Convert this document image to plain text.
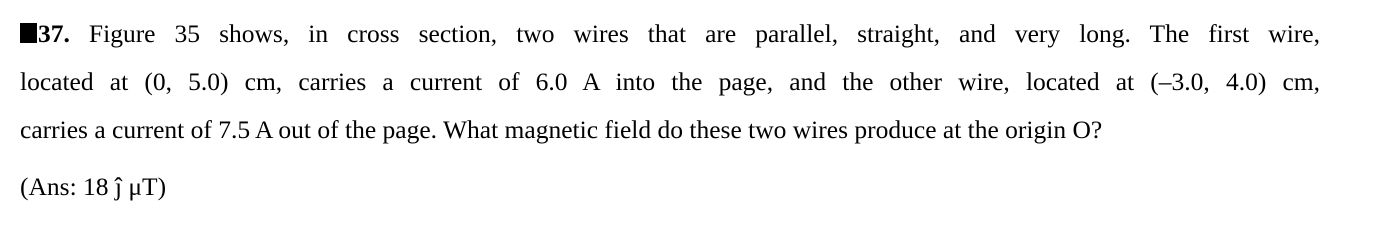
37. Figure 35 shows, in cross section, two wires that are parallel, straight, and very long. The first wire,
located at (0, 5.0) cm, carries a current of 6.0 A into the page, and the other wire, located at (–3.0, 4.0) cm,
carries a current of 7.5 A out of the page. What magnetic field do these two wires produce at the origin O?
(Ans: 18 ĵ μT)
